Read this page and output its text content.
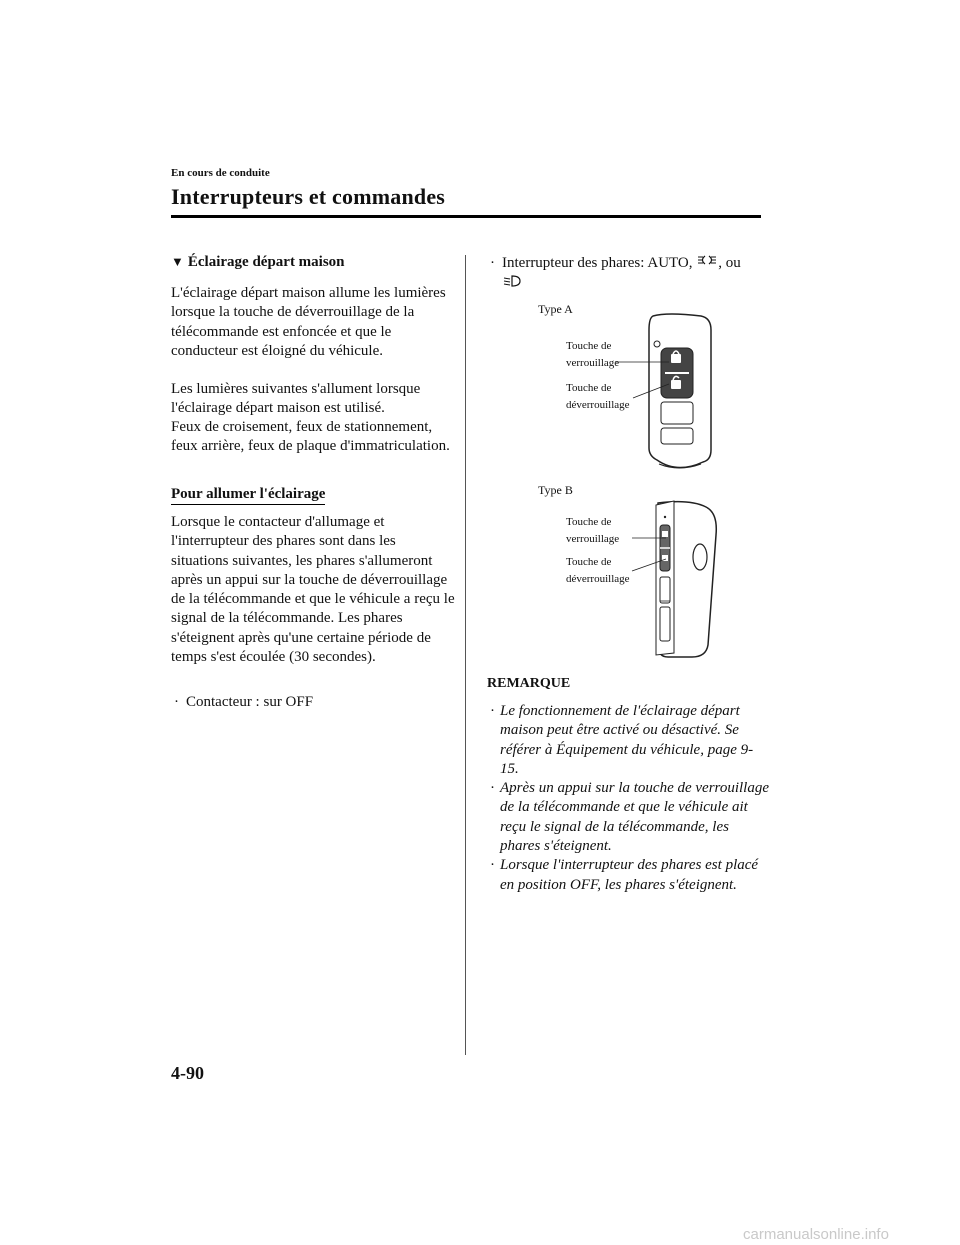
En cours de conduite
Interrupteurs et commandes
▼ Éclairage départ maison
L'éclairage départ maison allume les lumières lorsque la touche de déverrouillage de la télécommande est enfoncée et que le conducteur est éloigné du véhicule.
Les lumières suivantes s'allument lorsque l'éclairage départ maison est utilisé.
Feux de croisement, feux de stationnement, feux arrière, feux de plaque d'immatriculation.
Pour allumer l'éclairage
Lorsque le contacteur d'allumage et l'interrupteur des phares sont dans les situations suivantes, les phares s'allumeront après un appui sur la touche de déverrouillage de la télécommande et que le véhicule a reçu le signal de la télécommande. Les phares s'éteignent après qu'une certaine période de temps s'est écoulée (30 secondes).
· Contacteur : sur OFF
· Interrupteur des phares: AUTO, , ou

Type A
Touche de
verrouillage
Touche de
déverrouillage
Type B
Touche de
verrouillage
Touche de
déverrouillage
REMARQUE
· Le fonctionnement de l'éclairage départ maison peut être activé ou désactivé. Se référer à Équipement du véhicule, page 9-15.
· Après un appui sur la touche de verrouillage de la télécommande et que le véhicule ait reçu le signal de la télécommande, les phares s'éteignent.
· Lorsque l'interrupteur des phares est placé en position OFF, les phares s'éteignent.
4-90
carmanualsonline.info
